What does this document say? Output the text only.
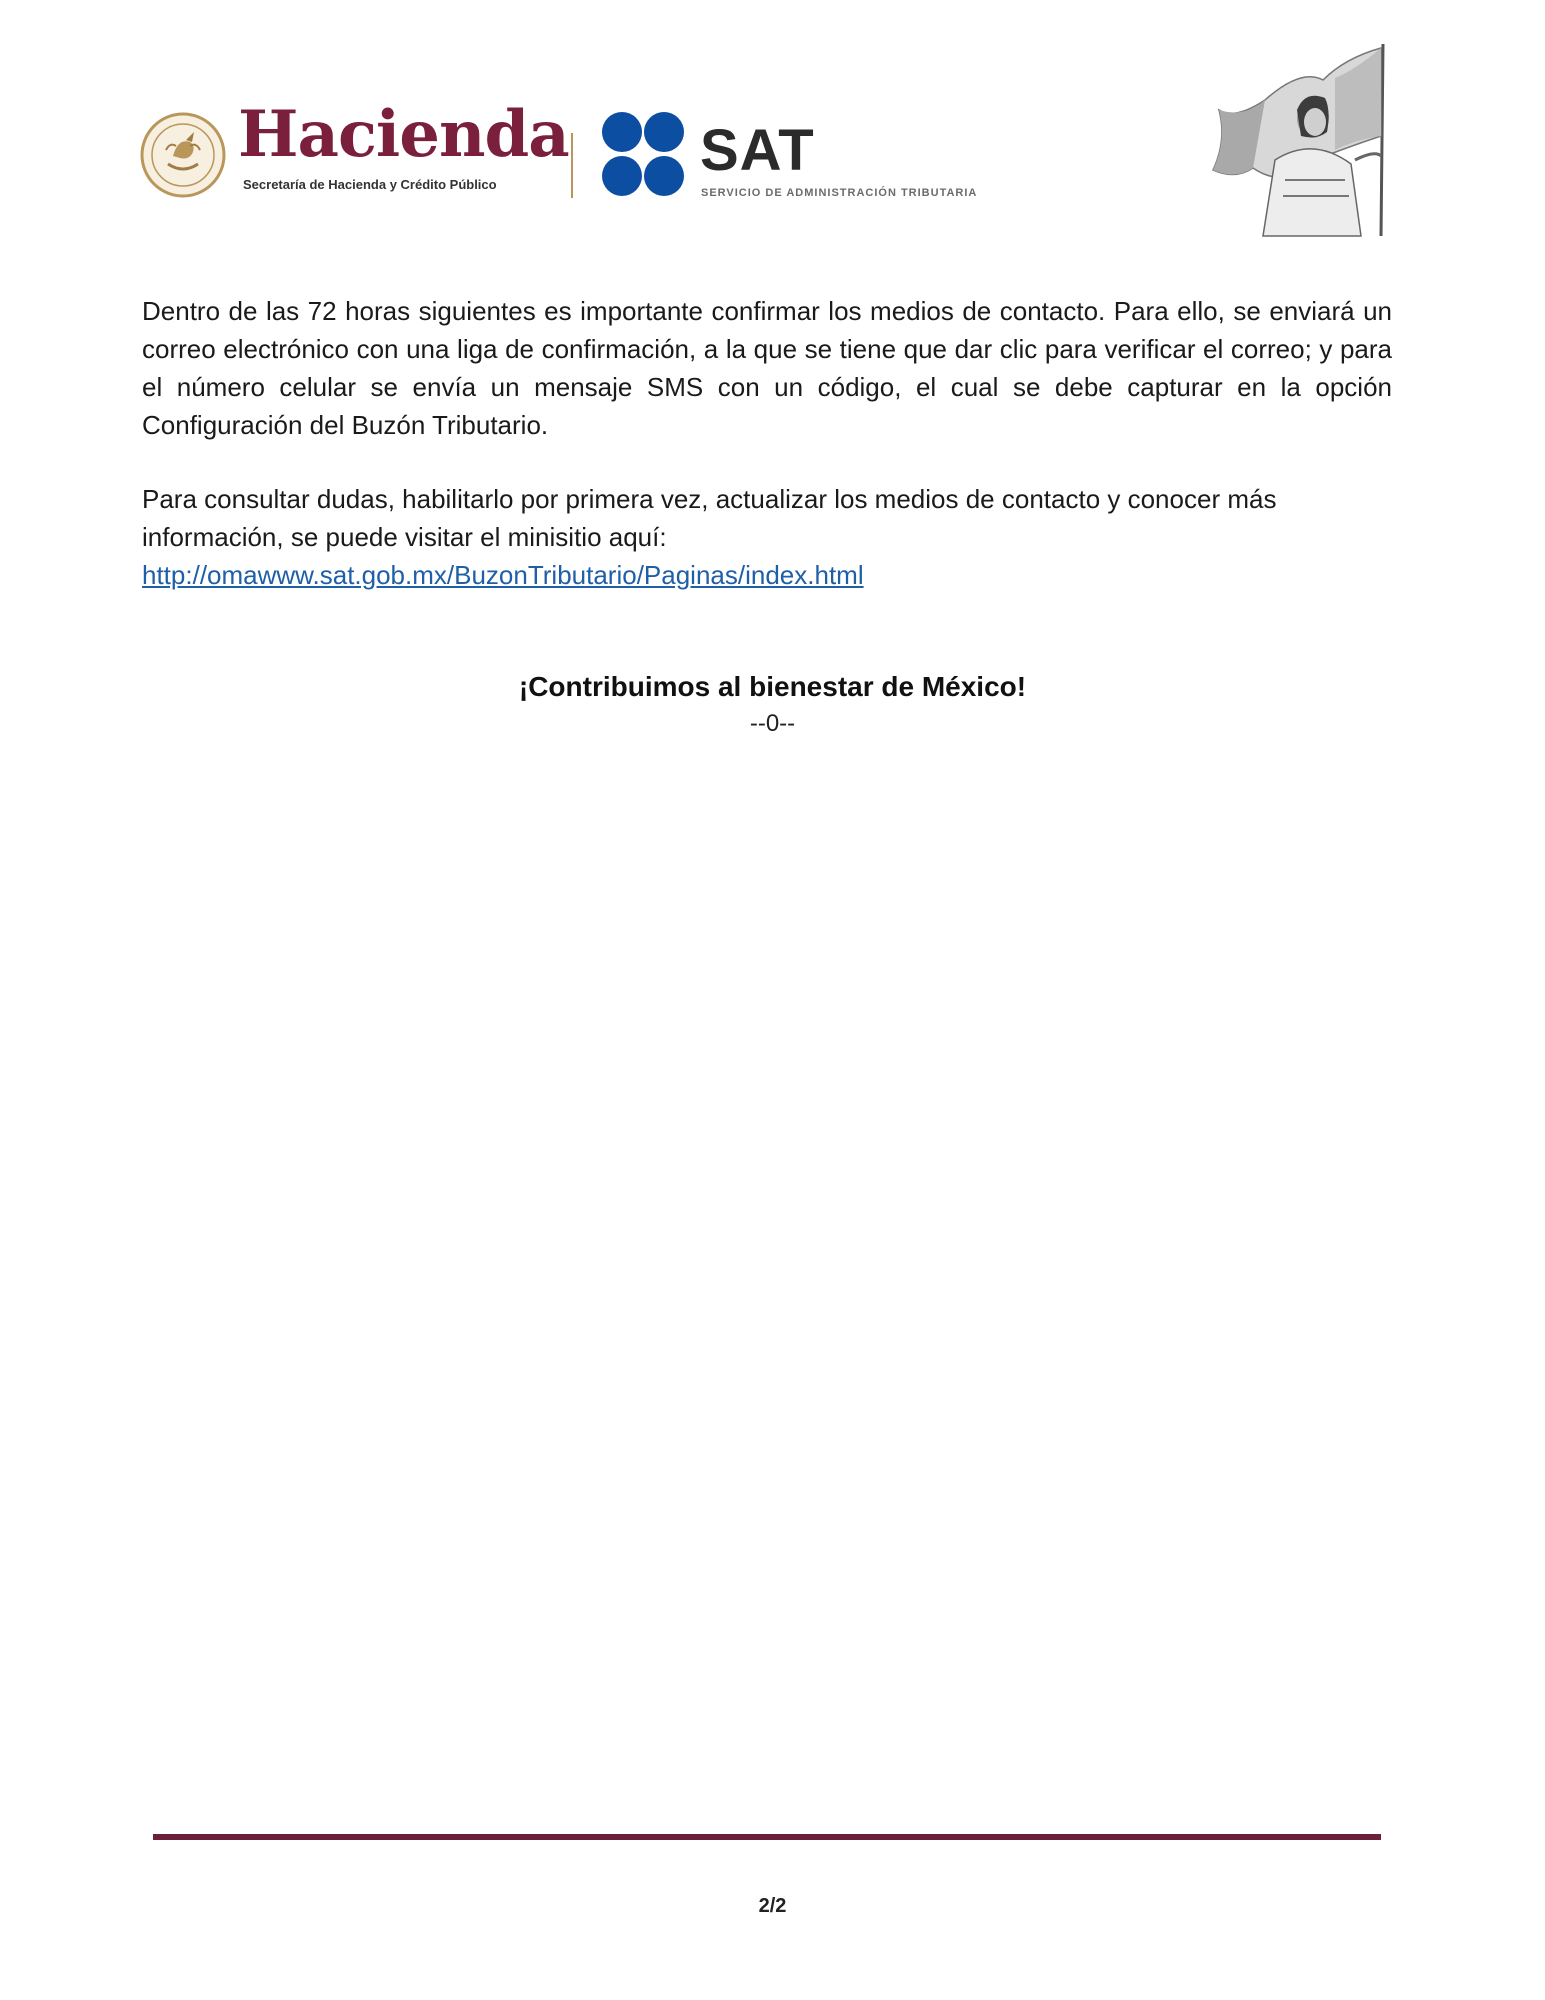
Hacienda
Secretaría de Hacienda y Crédito Público
SAT
SERVICIO DE ADMINISTRACIÓN TRIBUTARIA

Dentro de las 72 horas siguientes es importante confirmar los medios de contacto. Para ello, se enviará un correo electrónico con una liga de confirmación, a la que se tiene que dar clic para verificar el correo; y para el número celular se envía un mensaje SMS con un código, el cual se debe capturar en la opción Configuración del Buzón Tributario.

Para consultar dudas, habilitarlo por primera vez, actualizar los medios de contacto y conocer más información, se puede visitar el minisitio aquí:
http://omawww.sat.gob.mx/BuzonTributario/Paginas/index.html

¡Contribuimos al bienestar de México!
--0--
2/2
